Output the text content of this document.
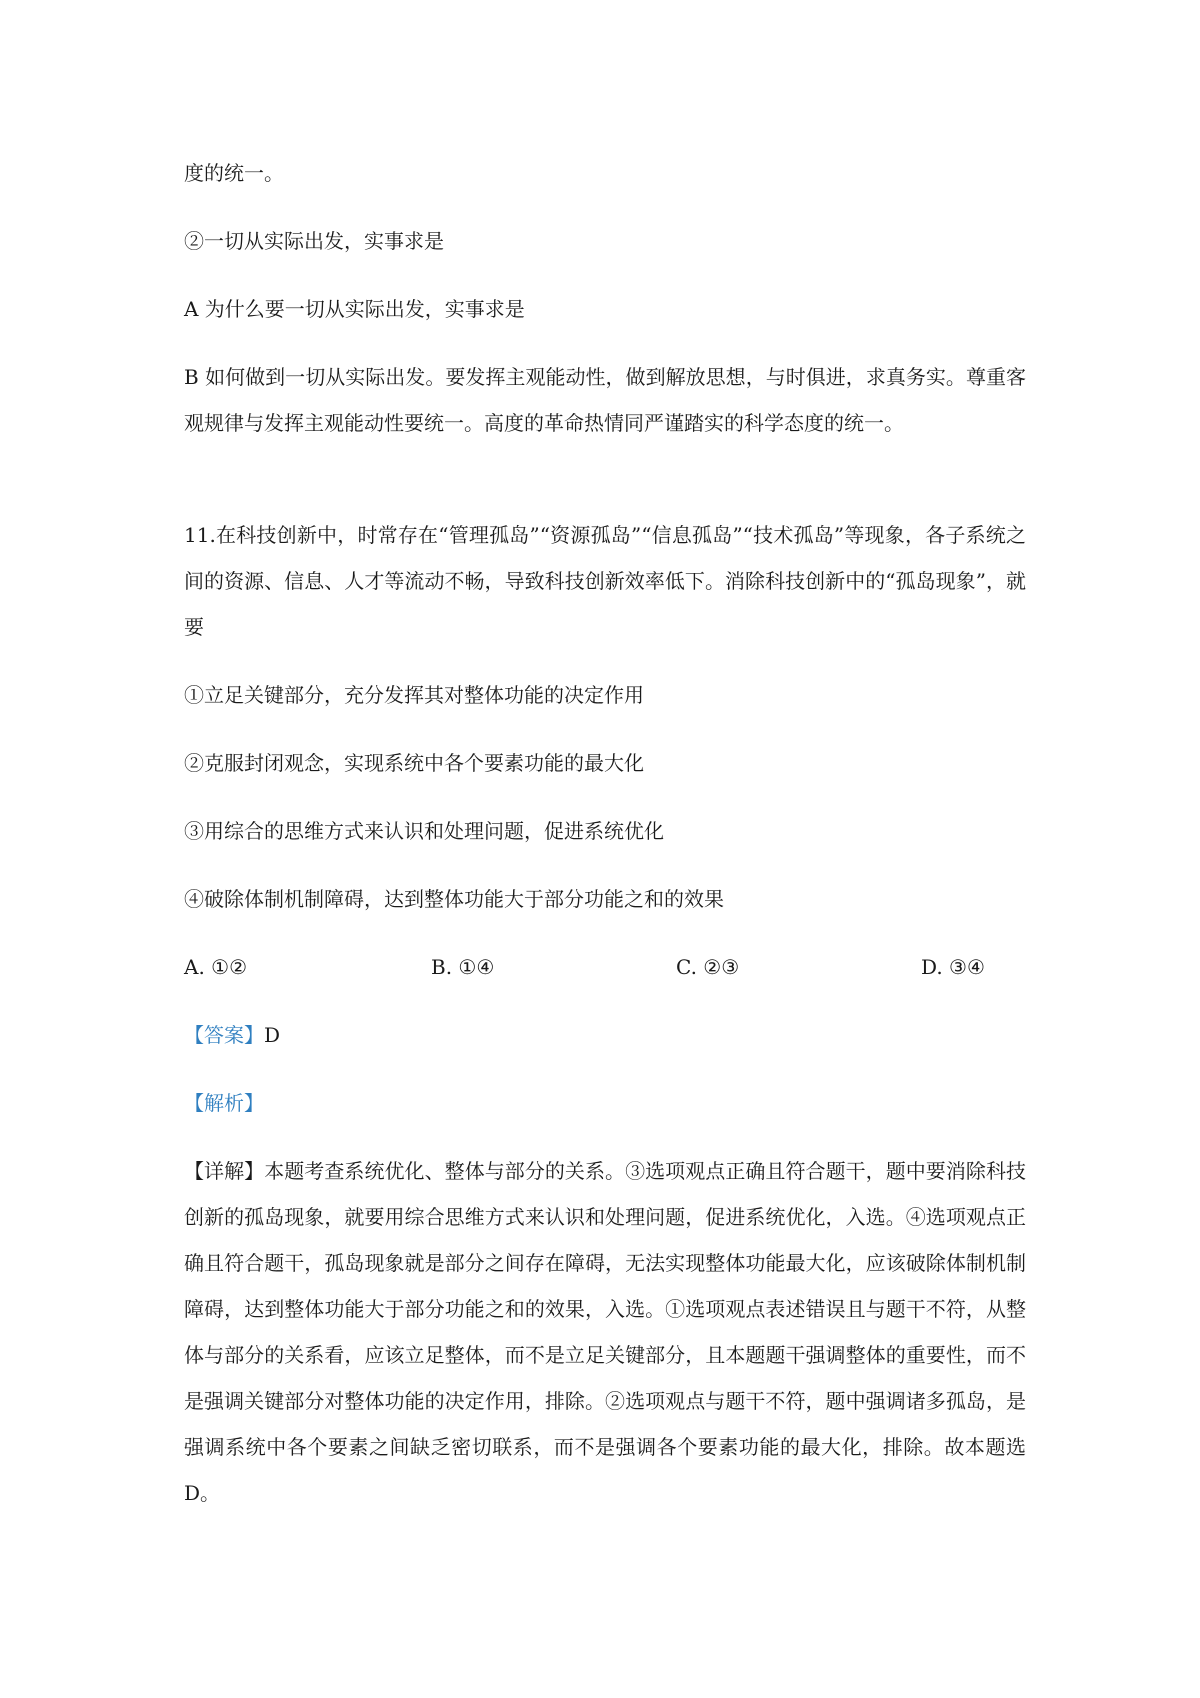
度的统一。

②一切从实际出发，实事求是

A 为什么要一切从实际出发，实事求是

B 如何做到一切从实际出发。要发挥主观能动性，做到解放思想，与时俱进，求真务实。尊重客观规律与发挥主观能动性要统一。高度的革命热情同严谨踏实的科学态度的统一。

11.在科技创新中，时常存在“管理孤岛”“资源孤岛”“信息孤岛”“技术孤岛”等现象，各子系统之间的资源、信息、人才等流动不畅，导致科技创新效率低下。消除科技创新中的“孤岛现象”，就要

①立足关键部分，充分发挥其对整体功能的决定作用

②克服封闭观念，实现系统中各个要素功能的最大化

③用综合的思维方式来认识和处理问题，促进系统优化

④破除体制机制障碍，达到整体功能大于部分功能之和的效果

A. ①②	B. ①④	C. ②③	D. ③④

【答案】D

【解析】

【详解】本题考查系统优化、整体与部分的关系。③选项观点正确且符合题干，题中要消除科技创新的孤岛现象，就要用综合思维方式来认识和处理问题，促进系统优化，入选。④选项观点正确且符合题干，孤岛现象就是部分之间存在障碍，无法实现整体功能最大化，应该破除体制机制障碍，达到整体功能大于部分功能之和的效果，入选。①选项观点表述错误且与题干不符，从整体与部分的关系看，应该立足整体，而不是立足关键部分，且本题题干强调整体的重要性，而不是强调关键部分对整体功能的决定作用，排除。②选项观点与题干不符，题中强调诸多孤岛，是强调系统中各个要素之间缺乏密切联系，而不是强调各个要素功能的最大化，排除。故本题选 D。
